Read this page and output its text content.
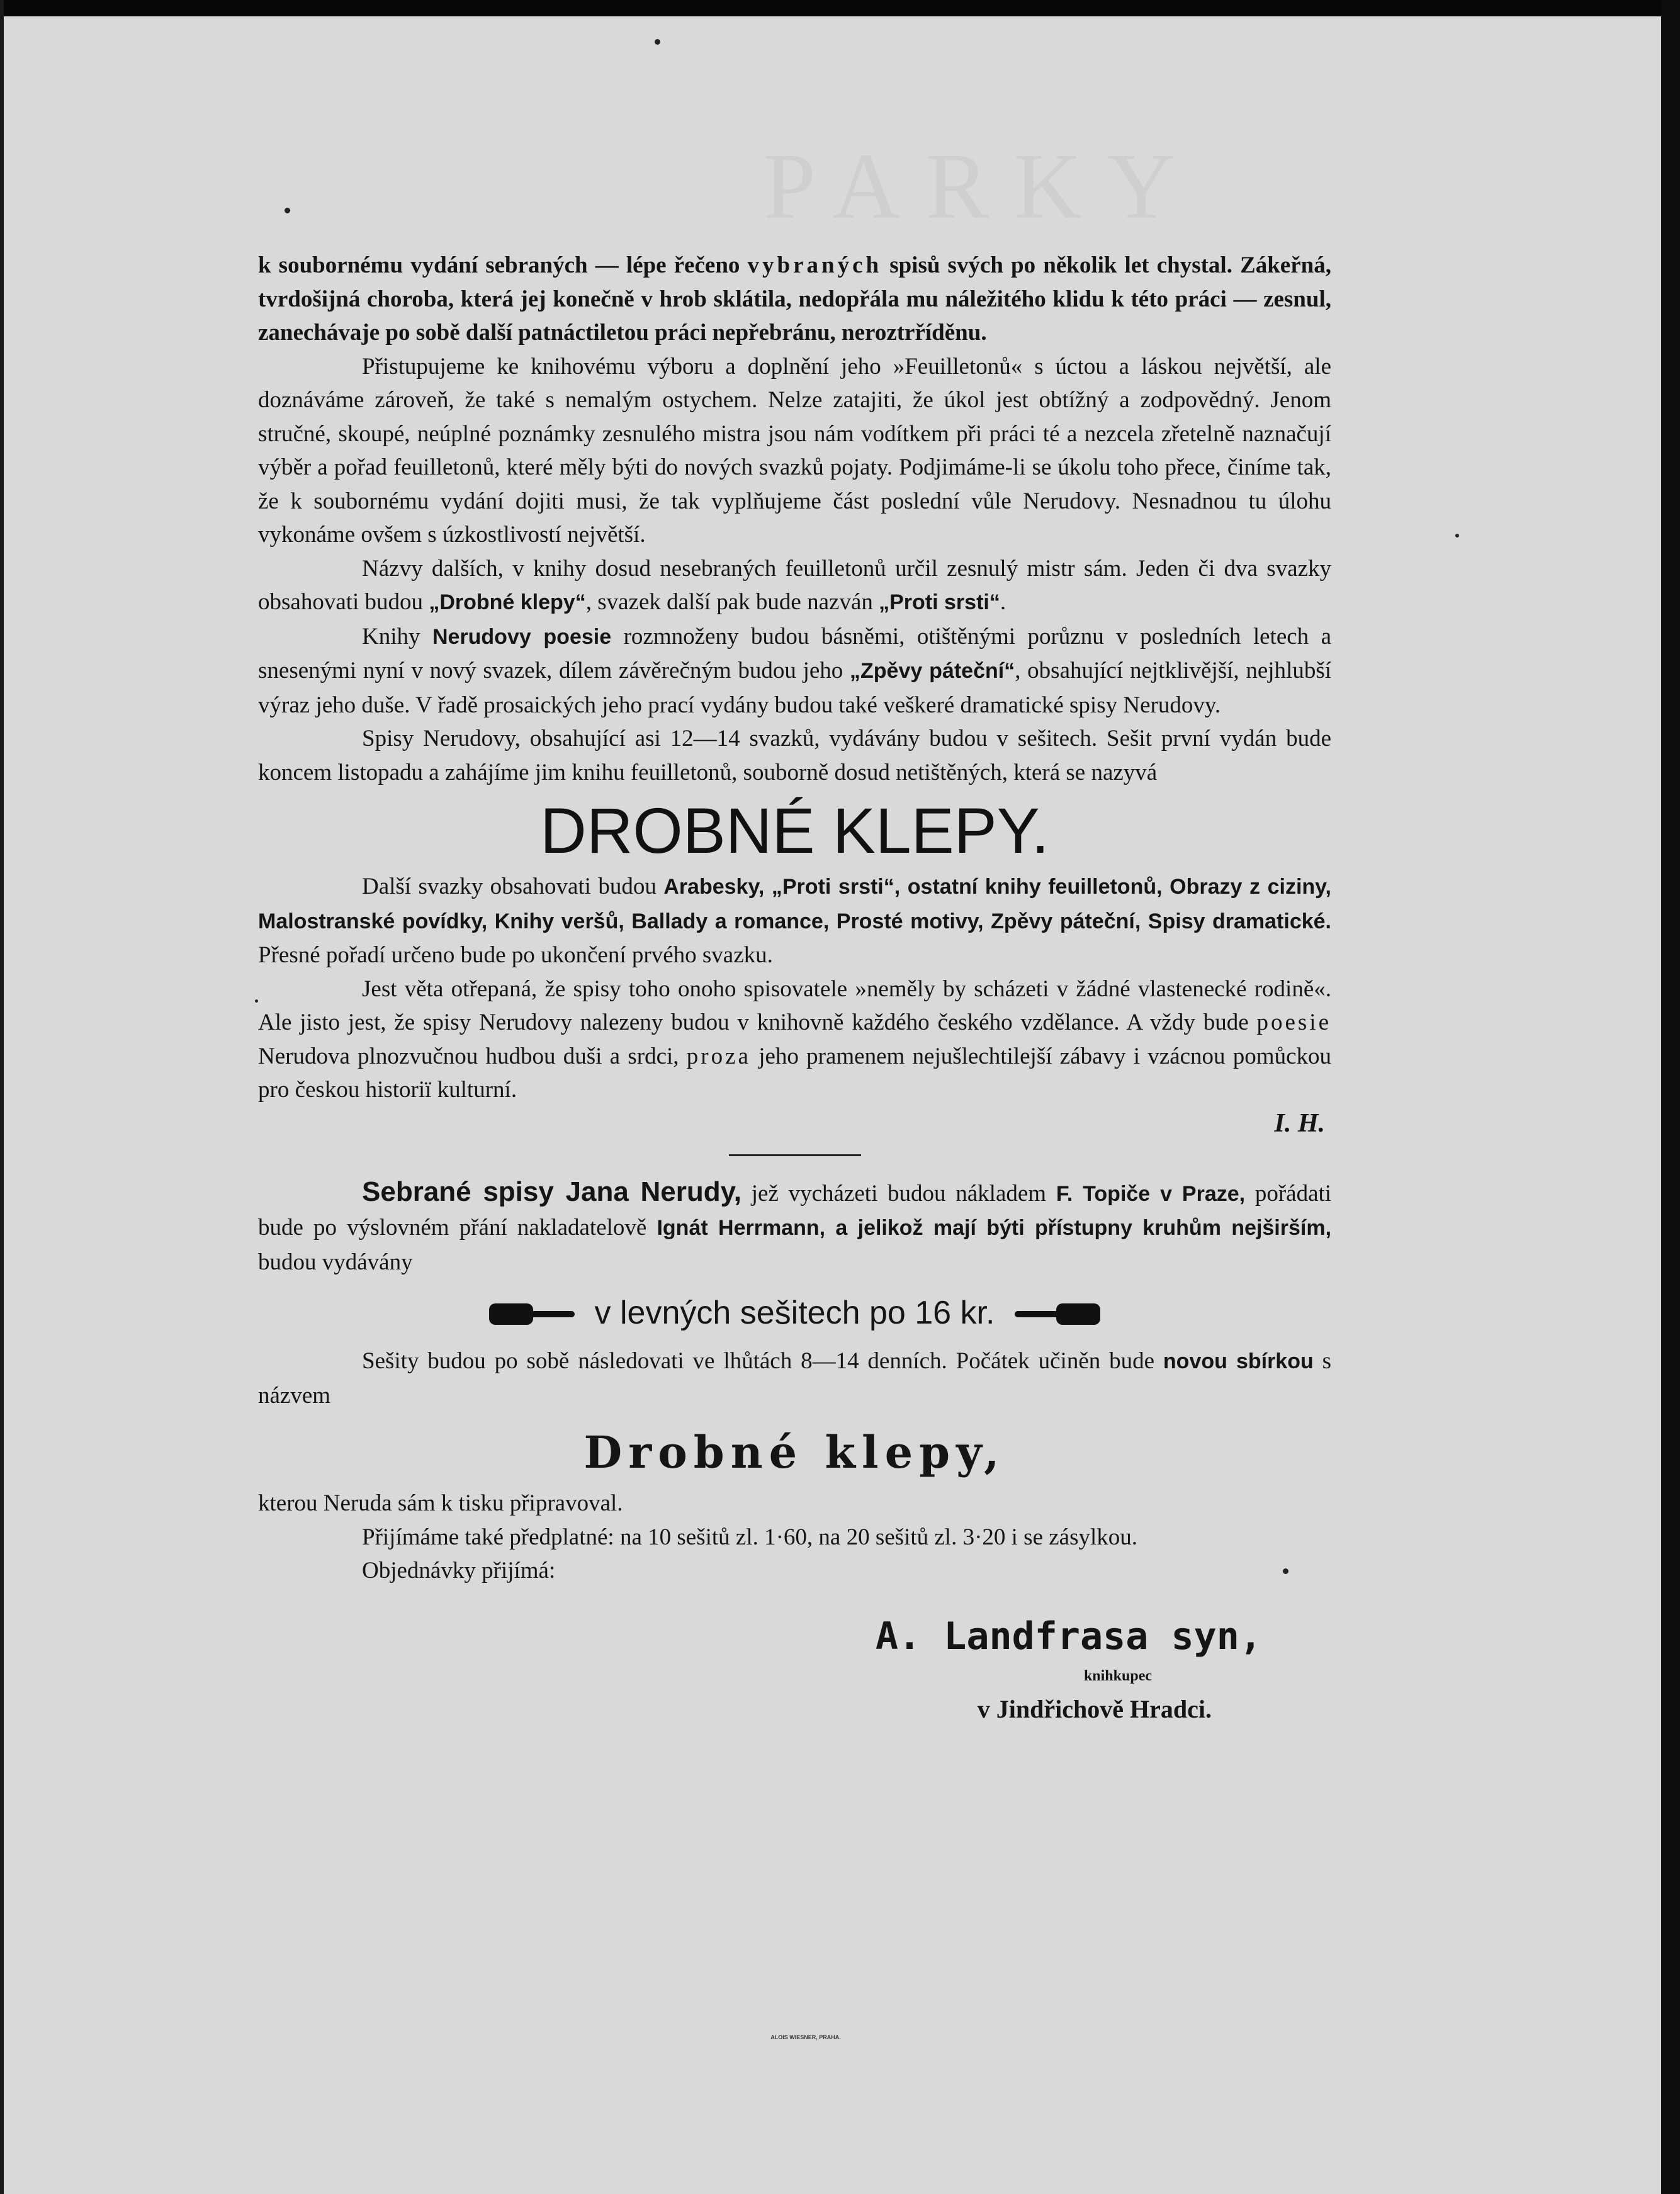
PARKY

k soubornému vydání sebraných — lépe řečeno vybraných spisů svých po několik let chystal. Zákeřná, tvrdošijná choroba, která jej konečně v hrob sklátila, nedopřála mu náležitého klidu k této práci — zesnul, zanechávaje po sobě další patnáctiletou práci nepřebránu, neroztrříděnu.

Přistupujeme ke knihovému výboru a doplnění jeho »Feuilletonů« s úctou a láskou největší, ale doznáváme zároveň, že také s nemalým ostychem. Nelze zatajiti, že úkol jest obtížný a zodpovědný. Jenom stručné, skoupé, neúplné poznámky zesnulého mistra jsou nám vodítkem při práci té a nezcela zřetelně naznačují výběr a pořad feuilletonů, které měly býti do nových svazků pojaty. Podjimáme-li se úkolu toho přece, činíme tak, že k soubornému vydání dojiti musi, že tak vyplňujeme část poslední vůle Nerudovy. Nesnadnou tu úlohu vykonáme ovšem s úzkostlivostí největší.

Názvy dalších, v knihy dosud nesebraných feuilletonů určil zesnulý mistr sám. Jeden či dva svazky obsahovati budou „Drobné klepy“, svazek další pak bude nazván „Proti srsti“.

Knihy Nerudovy poesie rozmnoženy budou básněmi, otištěnými porůznu v posledních letech a snesenými nyní v nový svazek, dílem závěrečným budou jeho „Zpěvy páteční“, obsahující nejtklivější, nejhlubší výraz jeho duše. V řadě prosaických jeho prací vydány budou také veškeré dramatické spisy Nerudovy.

Spisy Nerudovy, obsahující asi 12—14 svazků, vydávány budou v sešitech. Sešit první vydán bude koncem listopadu a zahájíme jim knihu feuilletonů, souborně dosud netištěných, která se nazyvá

DROBNÉ KLEPY.

Další svazky obsahovati budou Arabesky, „Proti srsti“, ostatní knihy feuilletonů, Obrazy z ciziny, Malostranské povídky, Knihy veršů, Ballady a romance, Prosté motivy, Zpěvy páteční, Spisy dramatické. Přesné pořadí určeno bude po ukončení prvého svazku.

Jest věta otřepaná, že spisy toho onoho spisovatele »neměly by scházeti v žádné vlastenecké rodině«. Ale jisto jest, že spisy Nerudovy nalezeny budou v knihovně každého českého vzdělance. A vždy bude poesie Nerudova plnozvučnou hudbou duši a srdci, proza jeho pramenem nejušlechtilejší zábavy i vzácnou pomůckou pro českou historiï kulturní.

I. H.

Sebrané spisy Jana Nerudy, jež vycházeti budou nákladem F. Topiče v Praze, pořádati bude po výslovném přání nakladatelově Ignát Herrmann, a jelikož mají býti přístupny kruhům nejširším, budou vydávány

v levných sešitech po 16 kr.

Sešity budou po sobě následovati ve lhůtách 8—14 denních. Počátek učiněn bude novou sbírkou s názvem

Drobné klepy,

kterou Neruda sám k tisku připravoval.

Přijímáme také předplatné: na 10 sešitů zl. 1·60, na 20 sešitů zl. 3·20 i se zásylkou.

Objednávky přijímá:

A. Landfrasa syn,
knihkupec
v Jindřichově Hradci.
ALOIS WIESNER, PRAHA.
